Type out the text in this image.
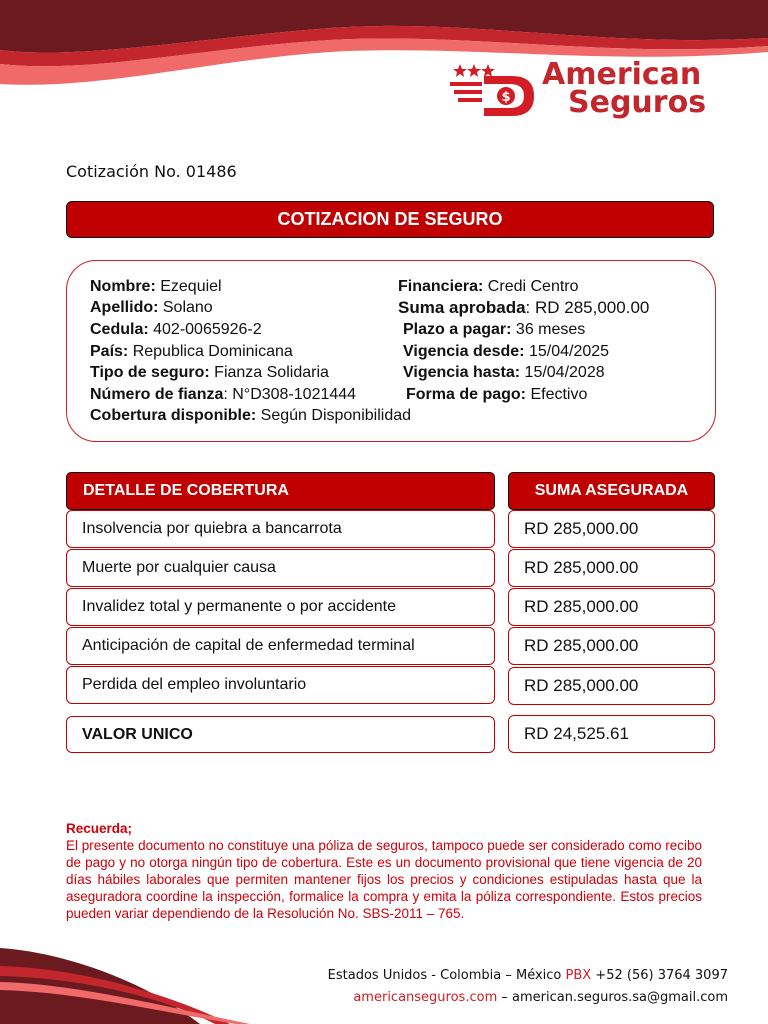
$
American
Seguros
Cotización No. 01486
COTIZACION DE SEGURO
Nombre: Ezequiel
Apellido: Solano
Cedula: 402-0065926-2
País: Republica Dominicana
Tipo de seguro: Fianza Solidaria
Número de fianza: N°D308-1021444
Cobertura disponible: Según Disponibilidad
Financiera: Credi Centro
Suma aprobada: RD 285,000.00
Plazo a pagar: 36 meses
Vigencia desde: 15/04/2025
Vigencia hasta: 15/04/2028
Forma de pago: Efectivo
DETALLE DE COBERTURA	SUMA ASEGURADA
Insolvencia por quiebra a bancarrota	RD 285,000.00
Muerte por cualquier causa	RD 285,000.00
Invalidez total y permanente o por accidente	RD 285,000.00
Anticipación de capital de enfermedad terminal	RD 285,000.00
Perdida del empleo involuntario	RD 285,000.00
VALOR UNICO	RD 24,525.61
Recuerda;
El presente documento no constituye una póliza de seguros, tampoco puede ser considerado como recibo de pago y no otorga ningún tipo de cobertura. Este es un documento provisional que tiene vigencia de 20 días hábiles laborales que permiten mantener fijos los precios y condiciones estipuladas hasta que la aseguradora coordine la inspección, formalice la compra y emita la póliza correspondiente. Estos precios pueden variar dependiendo de la Resolución No. SBS-2011 – 765.
Estados Unidos - Colombia – México PBX +52 (56) 3764 3097
americanseguros.com – american.seguros.sa@gmail.com
